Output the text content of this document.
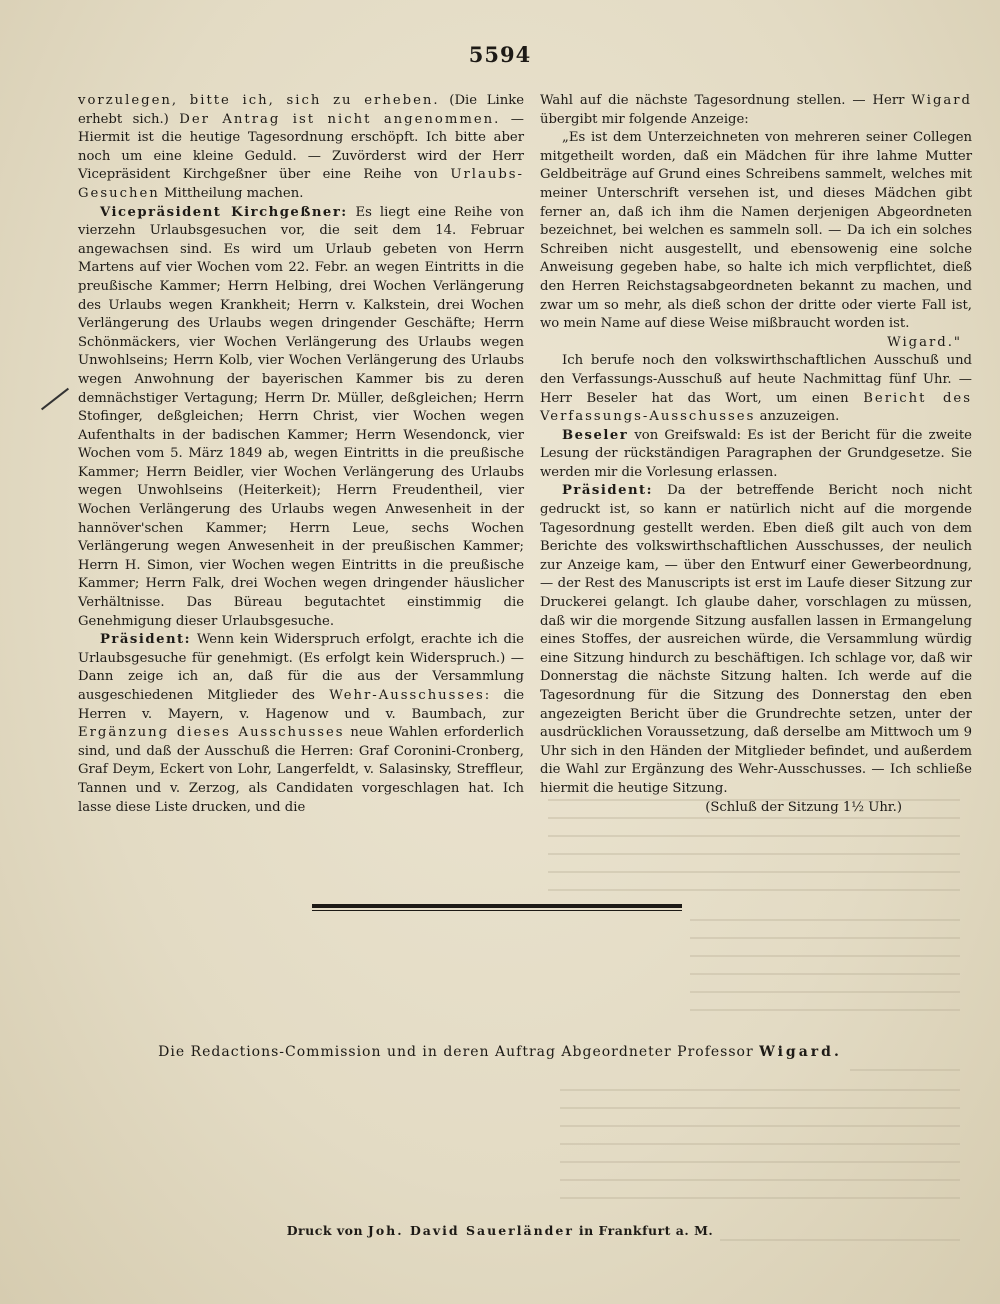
5594

vorzulegen, bitte ich, sich zu erheben. (Die Linke erhebt sich.) Der Antrag ist nicht angenommen. — Hiermit ist die heutige Tagesordnung erschöpft. Ich bitte aber noch um eine kleine Geduld. — Zuvörderst wird der Herr Vicepräsident Kirchgeßner über eine Reihe von Urlaubs-Gesuchen Mittheilung machen.

Vicepräsident Kirchgeßner: Es liegt eine Reihe von vierzehn Urlaubsgesuchen vor, die seit dem 14. Februar angewachsen sind. Es wird um Urlaub gebeten von Herrn Martens auf vier Wochen vom 22. Febr. an wegen Eintritts in die preußische Kammer; Herrn Helbing, drei Wochen Verlängerung des Urlaubs wegen Krankheit; Herrn v. Kalkstein, drei Wochen Verlängerung des Urlaubs wegen dringender Geschäfte; Herrn Schönmäckers, vier Wochen Verlängerung des Urlaubs wegen Unwohlseins; Herrn Kolb, vier Wochen Verlängerung des Urlaubs wegen Anwohnung der bayerischen Kammer bis zu deren demnächstiger Vertagung; Herrn Dr. Müller, deßgleichen; Herrn Stofinger, deßgleichen; Herrn Christ, vier Wochen wegen Aufenthalts in der badischen Kammer; Herrn Wesendonck, vier Wochen vom 5. März 1849 ab, wegen Eintritts in die preußische Kammer; Herrn Beidler, vier Wochen Verlängerung des Urlaubs wegen Unwohlseins (Heiterkeit); Herrn Freudentheil, vier Wochen Verlängerung des Urlaubs wegen Anwesenheit in der hannöver'schen Kammer; Herrn Leue, sechs Wochen Verlängerung wegen Anwesenheit in der preußischen Kammer; Herrn H. Simon, vier Wochen wegen Eintritts in die preußische Kammer; Herrn Falk, drei Wochen wegen dringender häuslicher Verhältnisse. Das Büreau begutachtet einstimmig die Genehmigung dieser Urlaubsgesuche.

Präsident: Wenn kein Widerspruch erfolgt, erachte ich die Urlaubsgesuche für genehmigt. (Es erfolgt kein Widerspruch.) — Dann zeige ich an, daß für die aus der Versammlung ausgeschiedenen Mitglieder des Wehr-Ausschusses: die Herren v. Mayern, v. Hagenow und v. Baumbach, zur Ergänzung dieses Ausschusses neue Wahlen erforderlich sind, und daß der Ausschuß die Herren: Graf Coronini-Cronberg, Graf Deym, Eckert von Lohr, Langerfeldt, v. Salasinsky, Streffleur, Tannen und v. Zerzog, als Candidaten vorgeschlagen hat. Ich lasse diese Liste drucken, und die

Wahl auf die nächste Tagesordnung stellen. — Herr Wigard übergibt mir folgende Anzeige:

„Es ist dem Unterzeichneten von mehreren seiner Collegen mitgetheilt worden, daß ein Mädchen für ihre lahme Mutter Geldbeiträge auf Grund eines Schreibens sammelt, welches mit meiner Unterschrift versehen ist, und dieses Mädchen gibt ferner an, daß ich ihm die Namen derjenigen Abgeordneten bezeichnet, bei welchen es sammeln soll. — Da ich ein solches Schreiben nicht ausgestellt, und ebensowenig eine solche Anweisung gegeben habe, so halte ich mich verpflichtet, dieß den Herren Reichstagsabgeordneten bekannt zu machen, und zwar um so mehr, als dieß schon der dritte oder vierte Fall ist, wo mein Name auf diese Weise mißbraucht worden ist.

Wigard."

Ich berufe noch den volkswirthschaftlichen Ausschuß und den Verfassungs-Ausschuß auf heute Nachmittag fünf Uhr. — Herr Beseler hat das Wort, um einen Bericht des Verfassungs-Ausschusses anzuzeigen.

Beseler von Greifswald: Es ist der Bericht für die zweite Lesung der rückständigen Paragraphen der Grundgesetze. Sie werden mir die Vorlesung erlassen.

Präsident: Da der betreffende Bericht noch nicht gedruckt ist, so kann er natürlich nicht auf die morgende Tagesordnung gestellt werden. Eben dieß gilt auch von dem Berichte des volkswirthschaftlichen Ausschusses, der neulich zur Anzeige kam, — über den Entwurf einer Gewerbeordnung, — der Rest des Manuscripts ist erst im Laufe dieser Sitzung zur Druckerei gelangt. Ich glaube daher, vorschlagen zu müssen, daß wir die morgende Sitzung ausfallen lassen in Ermangelung eines Stoffes, der ausreichen würde, die Versammlung würdig eine Sitzung hindurch zu beschäftigen. Ich schlage vor, daß wir Donnerstag die nächste Sitzung halten. Ich werde auf die Tagesordnung für die Sitzung des Donnerstag den eben angezeigten Bericht über die Grundrechte setzen, unter der ausdrücklichen Voraussetzung, daß derselbe am Mittwoch um 9 Uhr sich in den Händen der Mitglieder befindet, und außerdem die Wahl zur Ergänzung des Wehr-Ausschusses. — Ich schließe hiermit die heutige Sitzung.

(Schluß der Sitzung 1½ Uhr.)

Die Redactions-Commission und in deren Auftrag Abgeordneter Professor Wigard.
Druck von Joh. David Sauerländer in Frankfurt a. M.
